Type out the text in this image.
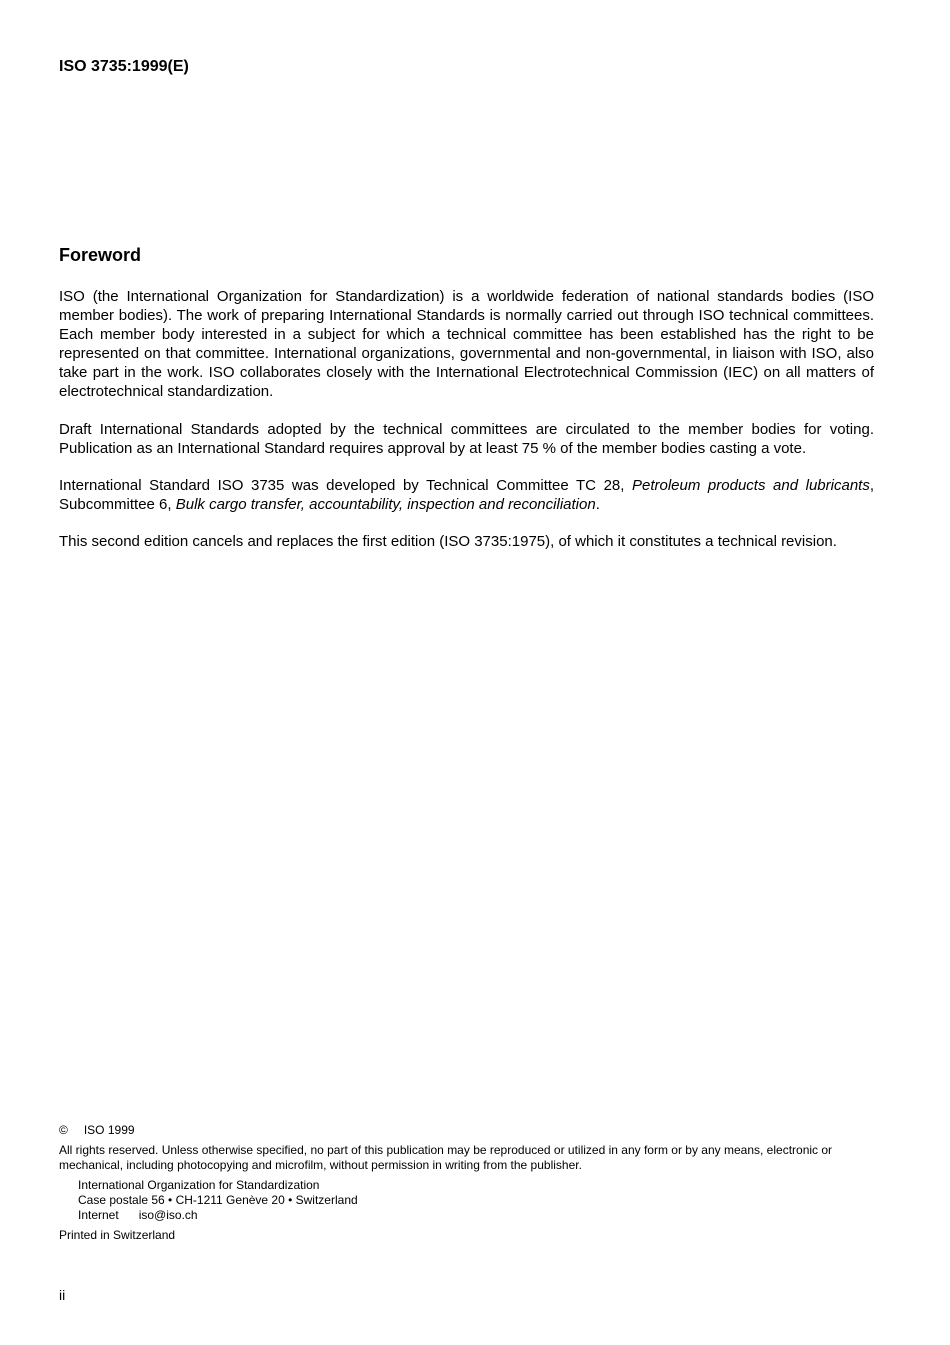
ISO 3735:1999(E)
Foreword
ISO (the International Organization for Standardization) is a worldwide federation of national standards bodies (ISO member bodies). The work of preparing International Standards is normally carried out through ISO technical committees. Each member body interested in a subject for which a technical committee has been established has the right to be represented on that committee. International organizations, governmental and non-governmental, in liaison with ISO, also take part in the work. ISO collaborates closely with the International Electrotechnical Commission (IEC) on all matters of electrotechnical standardization.
Draft International Standards adopted by the technical committees are circulated to the member bodies for voting. Publication as an International Standard requires approval by at least 75 % of the member bodies casting a vote.
International Standard ISO 3735 was developed by Technical Committee TC 28, Petroleum products and lubricants, Subcommittee 6, Bulk cargo transfer, accountability, inspection and reconciliation.
This second edition cancels and replaces the first edition (ISO 3735:1975), of which it constitutes a technical revision.
© ISO 1999
All rights reserved. Unless otherwise specified, no part of this publication may be reproduced or utilized in any form or by any means, electronic or mechanical, including photocopying and microfilm, without permission in writing from the publisher.
International Organization for Standardization
Case postale 56 • CH-1211 Genève 20 • Switzerland
Internet iso@iso.ch
Printed in Switzerland
ii
